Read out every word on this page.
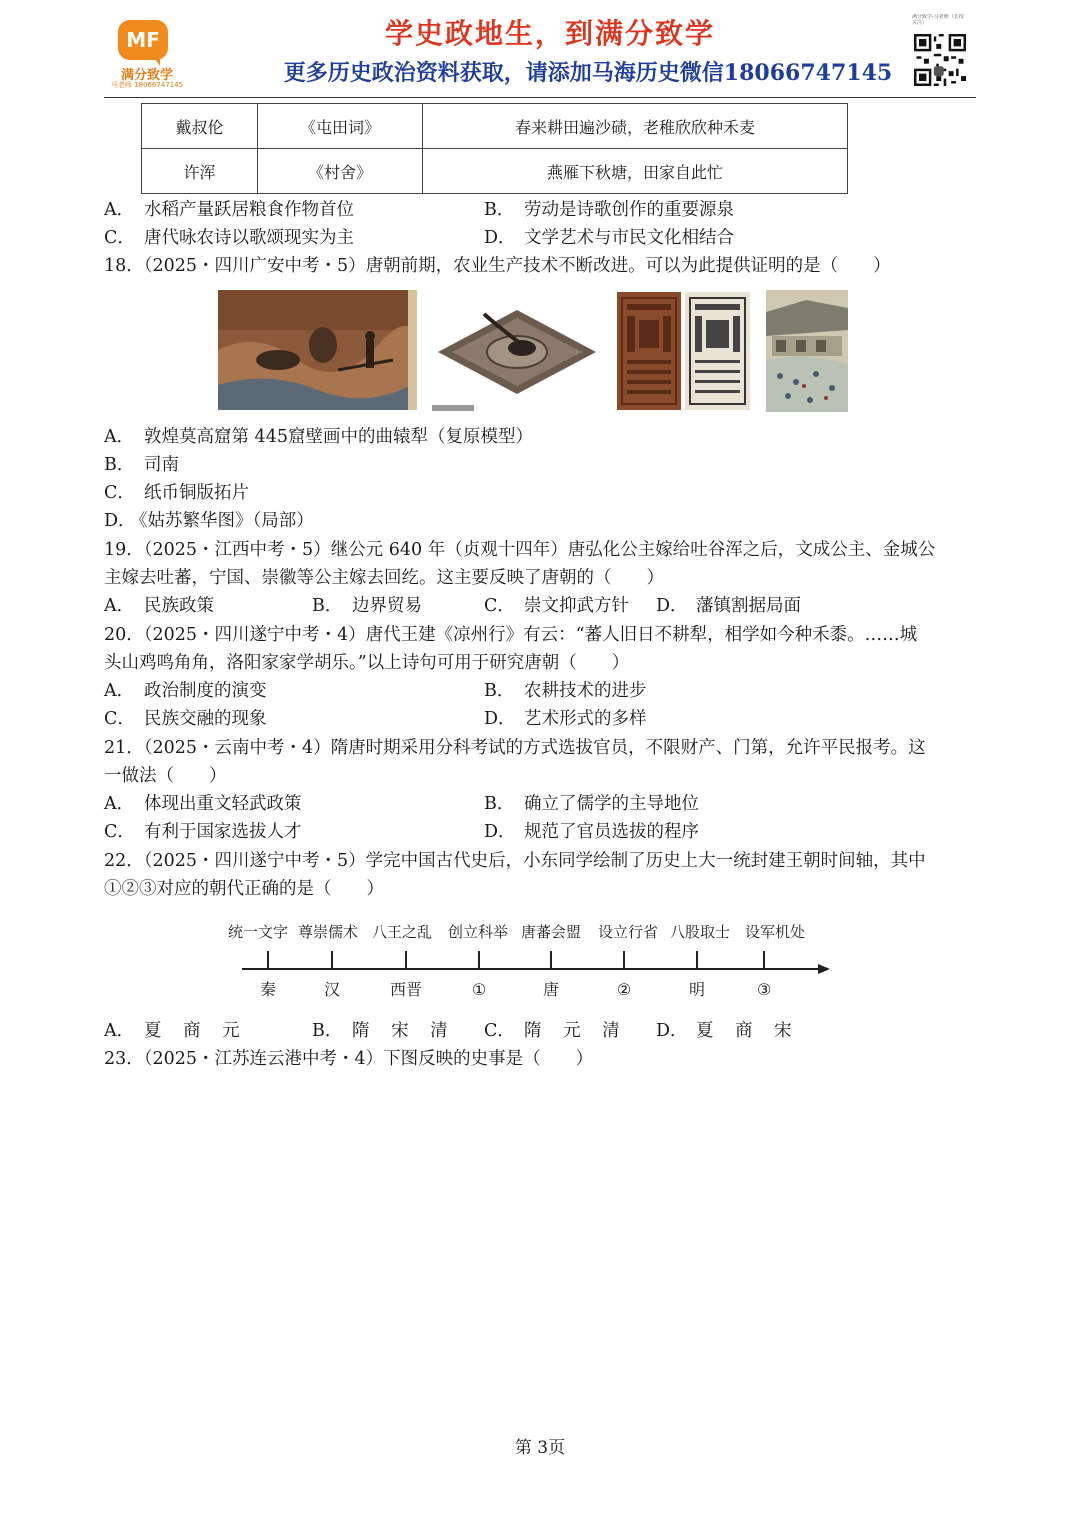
MF
满分致学
马老师 18066747145
学史政地生，到满分致学
更多历史政治资料获取，请添加马海历史微信18066747145
满分致学-马老师（长按关注）
戴叔伦	《屯田词》	春来耕田遍沙碛，老稚欣欣种禾麦
许浑	《村舍》	燕雁下秋塘，田家自此忙
A． 水稻产量跃居粮食作物首位	B． 劳动是诗歌创作的重要源泉
C． 唐代咏农诗以歌颂现实为主	D． 文学艺术与市民文化相结合
18．（2025・四川广安中考・5）唐朝前期，农业生产技术不断改进。可以为此提供证明的是（　　）
A． 敦煌莫高窟第 445窟壁画中的曲辕犁（复原模型）
B． 司南
C． 纸币铜版拓片
D．《姑苏繁华图》（局部）
19．（2025・江西中考・5）继公元 640 年（贞观十四年）唐弘化公主嫁给吐谷浑之后，文成公主、金城公
主嫁去吐蕃，宁国、崇徽等公主嫁去回纥。这主要反映了唐朝的（　　）
A． 民族政策	B． 边界贸易	C． 崇文抑武方针 D． 藩镇割据局面
20．（2025・四川遂宁中考・4）唐代王建《凉州行》有云：“蕃人旧日不耕犁，相学如今种禾黍。……城
头山鸡鸣角角，洛阳家家学胡乐。”以上诗句可用于研究唐朝（　　）
A． 政治制度的演变	B． 农耕技术的进步
C． 民族交融的现象	D． 艺术形式的多样
21．（2025・云南中考・4）隋唐时期采用分科考试的方式选拔官员，不限财产、门第，允许平民报考。这
一做法（　　）
A． 体现出重文轻武政策	B． 确立了儒学的主导地位
C． 有利于国家选拔人才	D． 规范了官员选拔的程序
22．（2025・四川遂宁中考・5）学完中国古代史后，小东同学绘制了历史上大一统封建王朝时间轴，其中
①②③对应的朝代正确的是（　　）
统一文字 尊崇儒术 八王之乱 创立科举 唐蕃会盟 设立行省 八股取士 设军机处
秦	汉	西晋	①	唐	②	明	③
A． 夏 商 元	B． 隋 宋 清 C． 隋 元 清 D． 夏 商 宋
23．（2025・江苏连云港中考・4）下图反映的史事是（　　）
第 3页
